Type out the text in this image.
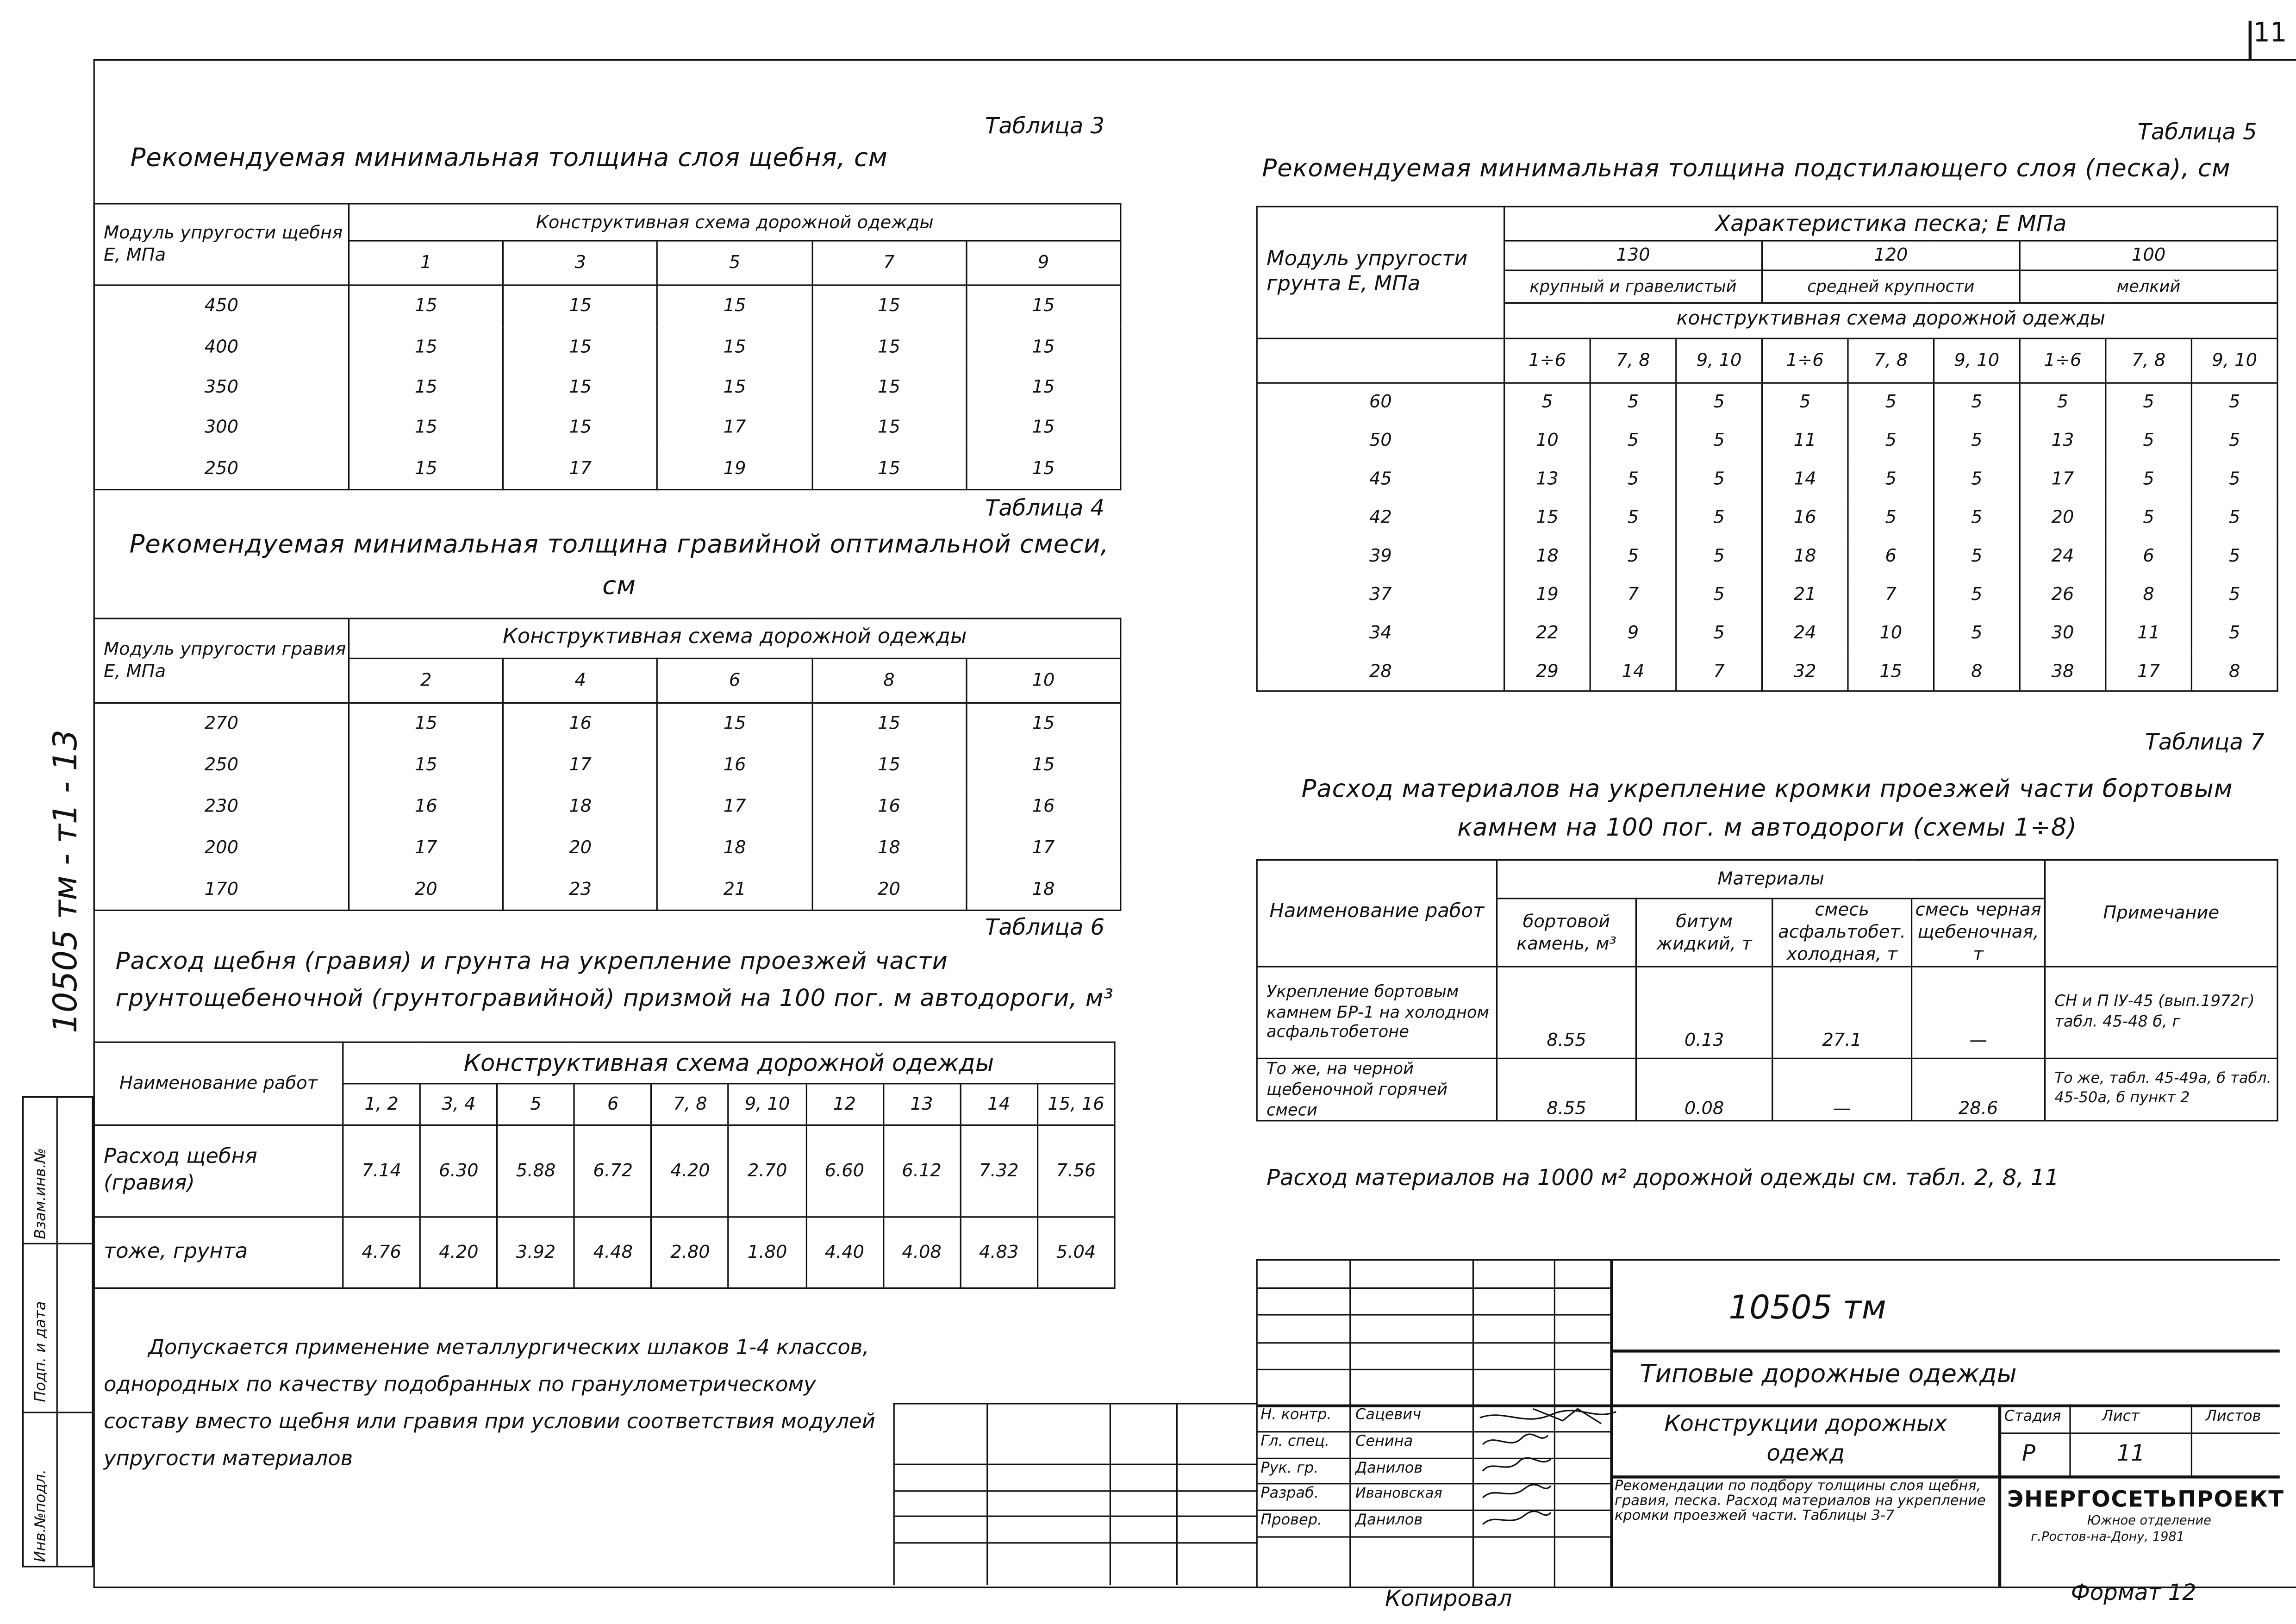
11
10505 тм - т1 - 13
Взам.инв.№
Подп. и дата
Инв.№подл.
Таблица 3
Рекомендуемая минимальная толщина слоя щебня, см
Модуль упругости щебня Е, МПа	Конструктивная схема дорожной одежды				
	1	3	5	7	9
450	15	15	15	15	15
400	15	15	15	15	15
350	15	15	15	15	15
300	15	15	17	15	15
250	15	17	19	15	15
Таблица 4
Рекомендуемая минимальная толщина гравийной оптимальной смеси, см
Модуль упругости гравия Е, МПа	Конструктивная схема дорожной одежды				
	2	4	6	8	10
270	15	16	15	15	15
250	15	17	16	15	15
230	16	18	17	16	16
200	17	20	18	18	17
170	20	23	21	20	18
Таблица 6
Расход щебня (гравия) и грунта на укрепление проезжей части грунтощебеночной (грунтогравийной) призмой на 100 пог. м автодороги, м³
Наименование работ	Конструктивная схема дорожной одежды									
	1, 2	3, 4	5	6	7, 8	9, 10	12	13	14	15, 16
Расход щебня (гравия)	7.14	6.30	5.88	6.72	4.20	2.70	6.60	6.12	7.32	7.56
тоже, грунта	4.76	4.20	3.92	4.48	2.80	1.80	4.40	4.08	4.83	5.04
Допускается применение металлургических шлаков 1-4 классов, однородных по качеству подобранных по гранулометрическому составу вместо щебня или гравия при условии соответствия модулей упругости материалов
Таблица 5
Рекомендуемая минимальная толщина подстилающего слоя (песка), см
Модуль упругости грунта Е, МПа	Характеристика песка; Е МПа								
	130			120			100		
	крупный и гравелистый			средней крупности			мелкий		
	конструктивная схема дорожной одежды								
	1÷6	7, 8	9, 10	1÷6	7, 8	9, 10	1÷6	7, 8	9, 10
60	5	5	5	5	5	5	5	5	5
50	10	5	5	11	5	5	13	5	5
45	13	5	5	14	5	5	17	5	5
42	15	5	5	16	5	5	20	5	5
39	18	5	5	18	6	5	24	6	5
37	19	7	5	21	7	5	26	8	5
34	22	9	5	24	10	5	30	11	5
28	29	14	7	32	15	8	38	17	8
Таблица 7
Расход материалов на укрепление кромки проезжей части бортовым камнем на 100 пог. м автодороги (схемы 1÷8)
Наименование работ	Материалы				Примечание
	бортовой камень, м³	битум жидкий, т	смесь асфальтобет. холодная, т	смесь черная щебеночная, т	
Укрепление бортовым камнем БР-1 на холодном асфальтобетоне	8.55	0.13	27.1	—	СН и П ІУ-45 (вып.1972г) табл. 45-48 б, г
То же, на черной щебеночной горячей смеси	8.55	0.08	—	28.6	То же, табл. 45-49а, б табл. 45-50а, б пункт 2
Расход материалов на 1000 м² дорожной одежды см. табл. 2, 8, 11
Н. контр.	Сацевич
Гл. спец.	Сенина
Рук. гр.	Данилов
Разраб.	Ивановская
Провер.	Данилов
10505 тм
Типовые дорожные одежды
Конструкции дорожных одежд
Рекомендации по подбору толщины слоя щебня, гравия, песка. Расход материалов на укрепление кромки проезжей части. Таблицы 3-7
Стадия	Лист	Листов
Р	11
ЭНЕРГОСЕТЬПРОЕКТ
Южное отделение
г.Ростов-на-Дону, 1981
Копировал	Формат 12
